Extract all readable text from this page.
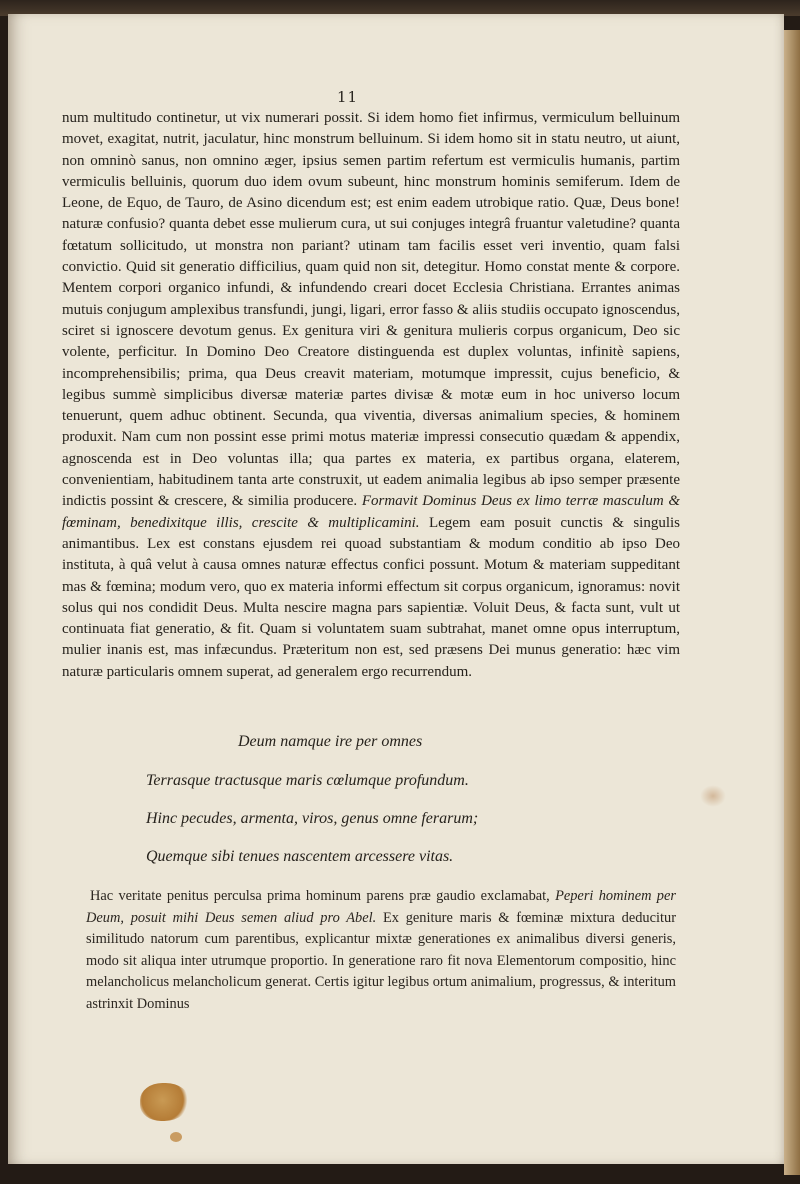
11

num multitudo continetur, ut vix numerari possit. Si idem homo fiet infirmus, vermiculum belluinum movet, exagitat, nutrit, jaculatur, hinc monstrum belluinum. Si idem homo sit in statu neutro, ut aiunt, non omninò sanus, non omnino æger, ipsius semen partim refertum est vermiculis humanis, partim vermiculis belluinis, quorum duo idem ovum subeunt, hinc monstrum hominis semiferum. Idem de Leone, de Equo, de Tauro, de Asino dicendum est; est enim eadem utrobique ratio. Quæ, Deus bone! naturæ confusio? quanta debet esse mulierum cura, ut sui conjuges integrâ fruantur valetudine? quanta fœtatum sollicitudo, ut monstra non pariant? utinam tam facilis esset veri inventio, quam falsi convictio. Quid sit generatio difficilius, quam quid non sit, detegitur. Homo constat mente & corpore. Mentem corpori organico infundi, & infundendo creari docet Ecclesia Christiana. Errantes animas mutuis conjugum amplexibus transfundi, jungi, ligari, error fasso & aliis studiis occupato ignoscendus, sciret si ignoscere devotum genus. Ex genitura viri & genitura mulieris corpus organicum, Deo sic volente, perficitur. In Domino Deo Creatore distinguenda est duplex voluntas, infinitè sapiens, incomprehensibilis; prima, qua Deus creavit materiam, motumque impressit, cujus beneficio, & legibus summè simplicibus diversæ materiæ partes divisæ & motæ eum in hoc universo locum tenuerunt, quem adhuc obtinent. Secunda, qua viventia, diversas animalium species, & hominem produxit. Nam cum non possint esse primi motus materiæ impressi consecutio quædam & appendix, agnoscenda est in Deo voluntas illa; qua partes ex materia, ex partibus organa, elaterem, convenientiam, habitudinem tanta arte construxit, ut eadem animalia legibus ab ipso semper præsente indictis possint & crescere, & similia producere. Formavit Dominus Deus ex limo terræ masculum & fœminam, benedixitque illis, crescite & multiplicamini. Legem eam posuit cunctis & singulis animantibus. Lex est constans ejusdem rei quoad substantiam & modum conditio ab ipso Deo instituta, à quâ velut à causa omnes naturæ effectus confici possunt. Motum & materiam suppeditant mas & fœmina; modum vero, quo ex materia informi effectum sit corpus organicum, ignoramus: novit solus qui nos condidit Deus. Multa nescire magna pars sapientiæ. Voluit Deus, & facta sunt, vult ut continuata fiat generatio, & fit. Quam si voluntatem suam subtrahat, manet omne opus interruptum, mulier inanis est, mas infæcundus. Præteritum non est, sed præsens Dei munus generatio: hæc vim naturæ particularis omnem superat, ad generalem ergo recurrendum.

Deum namque ire per omnes
Terrasque tractusque maris cœlumque profundum.
Hinc pecudes, armenta, viros, genus omne ferarum;
Quemque sibi tenues nascentem arcessere vitas.

Hac veritate penitus perculsa prima hominum parens præ gaudio exclamabat, Peperi hominem per Deum, posuit mihi Deus semen aliud pro Abel. Ex geniture maris & fœminæ mixtura deducitur similitudo natorum cum parentibus, explicantur mixtæ generationes ex animalibus diversi generis, modo sit aliqua inter utrumque proportio. In generatione raro fit nova Elementorum compositio, hinc melancholicus melancholicum generat. Certis igitur legibus ortum animalium, progressus, & interitum astrinxit Dominus
